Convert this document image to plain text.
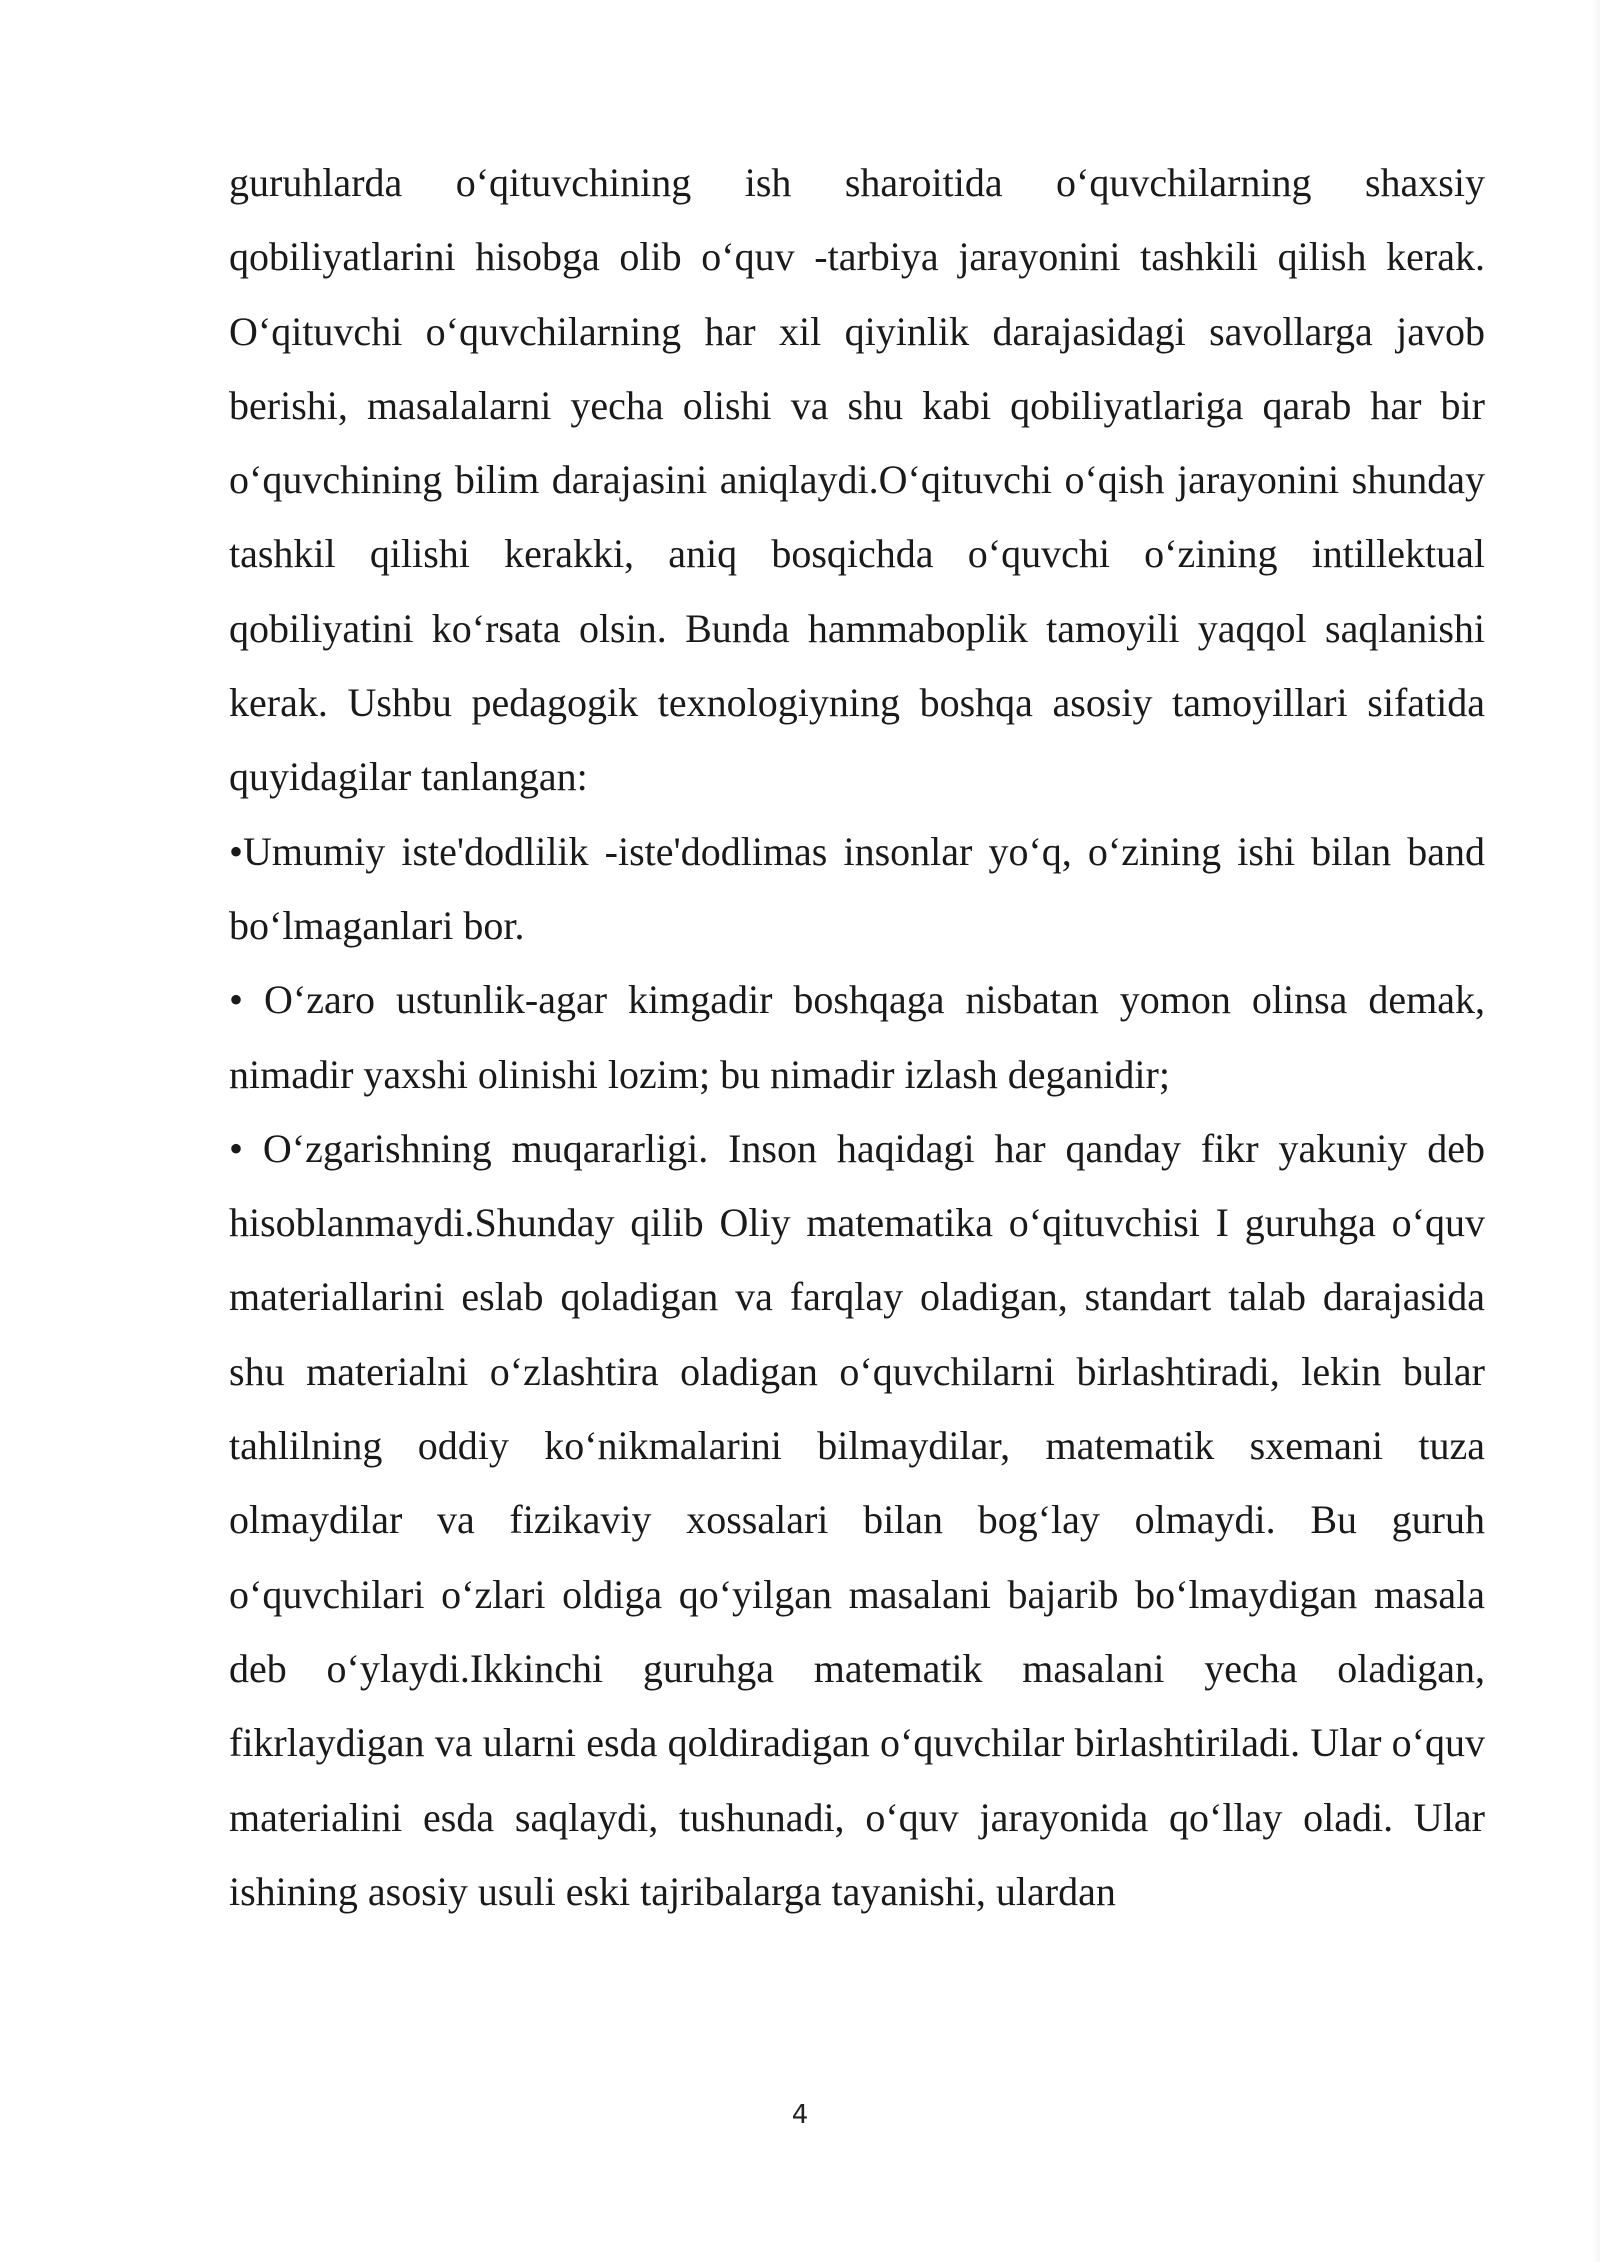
guruhlarda o‘qituvchining ish sharoitida o‘quvchilarning shaxsiy qobiliyatlarini hisobga olib o‘quv -tarbiya jarayonini tashkili qilish kerak. O‘qituvchi o‘quvchilarning har xil qiyinlik darajasidagi savollarga javob berishi, masalalarni yecha olishi va shu kabi qobiliyatlariga qarab har bir o‘quvchining bilim darajasini aniqlaydi.O‘qituvchi o‘qish jarayonini shunday tashkil qilishi kerakki, aniq bosqichda o‘quvchi o‘zining intillektual qobiliyatini ko‘rsata olsin. Bunda hammaboplik tamoyili yaqqol saqlanishi kerak. Ushbu pedagogik texnologiyning boshqa asosiy tamoyillari sifatida quyidagilar tanlangan:

•Umumiy iste'dodlilik -iste'dodlimas insonlar yo‘q, o‘zining ishi bilan band bo‘lmaganlari bor.

• O‘zaro ustunlik-agar kimgadir boshqaga nisbatan yomon olinsa demak, nimadir yaxshi olinishi lozim; bu nimadir izlash deganidir;

• O‘zgarishning muqararligi. Inson haqidagi har qanday fikr yakuniy deb hisoblanmaydi.Shunday qilib Oliy matematika o‘qituvchisi I guruhga o‘quv materiallarini eslab qoladigan va farqlay oladigan, standart talab darajasida shu materialni o‘zlashtira oladigan o‘quvchilarni birlashtiradi, lekin bular tahlilning oddiy ko‘nikmalarini bilmaydilar, matematik sxemani tuza olmaydilar va fizikaviy xossalari bilan bog‘lay olmaydi. Bu guruh o‘quvchilari o‘zlari oldiga qo‘yilgan masalani bajarib bo‘lmaydigan masala deb o‘ylaydi.Ikkinchi guruhga matematik masalani yecha oladigan, fikrlaydigan va ularni esda qoldiradigan o‘quvchilar birlashtiriladi. Ular o‘quv materialini esda saqlaydi, tushunadi, o‘quv jarayonida qo‘llay oladi. Ular ishining asosiy usuli eski tajribalarga tayanishi, ulardan

4
